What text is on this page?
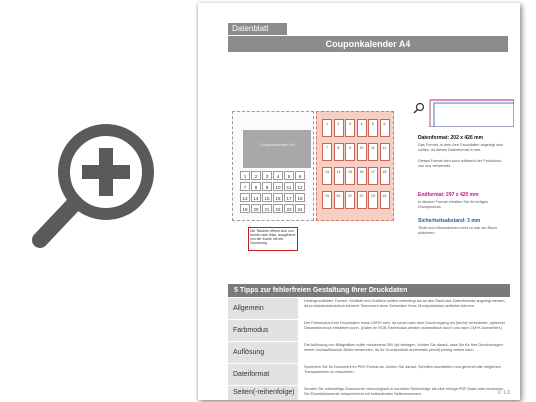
Datenblatt
Couponkalender A4
Couponkalender A4
1	2	3	4	5	6
7	8	9	10	11	12
13	14	15	16	17	18
19	20	21	22	23	24
1	2	3	4	5	6
7	8	9	10	11	12
13	14	15	16	17	18
19	20	21	22	23	24
Die Taschen öffnen sich von rechts nach links, ausgehend von der Kante mit der Zuordnung
Datenformat: 202 x 426 mm
Das Format, in dem Ihre Druckdaten angelegt sein sollten, ist dieses Datenformat in mm.
Dieses Format wird auch während der Produktion von uns verwendet.
Endformat: 297 x 420 mm
In diesem Format erhalten Sie Ihr fertiges Druckprodukt.
Sicherheitsabstand: 3 mm
Texte und Informationen nicht zu nah am Rand platzieren.
5 Tipps zur fehlerfreien Gestaltung Ihrer Druckdaten
Allgemein
Hintergrundbilder, Farben, Verläufe und Grafiken sollten unbedingt bis an den Rand des Datenformats angelegt werden, da produktionstechnisch kleinere Toleranzen beim Schneiden Ihres Druckproduktes auftreten können.
Farbmodus
Der Farbmodus Ihrer Druckdaten muss CMYK sein, da sonst nach dem Druckvorgang ein (leicht) veränderter, optischer Gesamteindruck entstehen kann. (Daten im RGB-Farbmodus werden automatisch durch uns nach CMYK konvertiert.)
Auflösung
Die Auflösung von Bildgrafiken sollte mindestens 300 dpi betragen. Achten Sie darauf, dass Sie für Ihre Druckvorlagen immer hochauflösende Bilder verwenden, da Ihr Druckprodukt andernfalls (leicht) pixelig wirken kann.
Dateiformat
Speichern Sie Ihr Dokument im PDF-Format ab. Achten Sie darauf, Schriften einzubetten und generell alle möglichen Transparenzen zu reduzieren.
Seiten(-reihenfolge)	Senden Sie mehrseitige Dokumente chronologisch in korrekter Reihenfolge als eine einzige PDF-Datei oder benennen Sie Einzeldokumente entsprechend mit fortlaufenden Seitennummern.	V. 1.0
